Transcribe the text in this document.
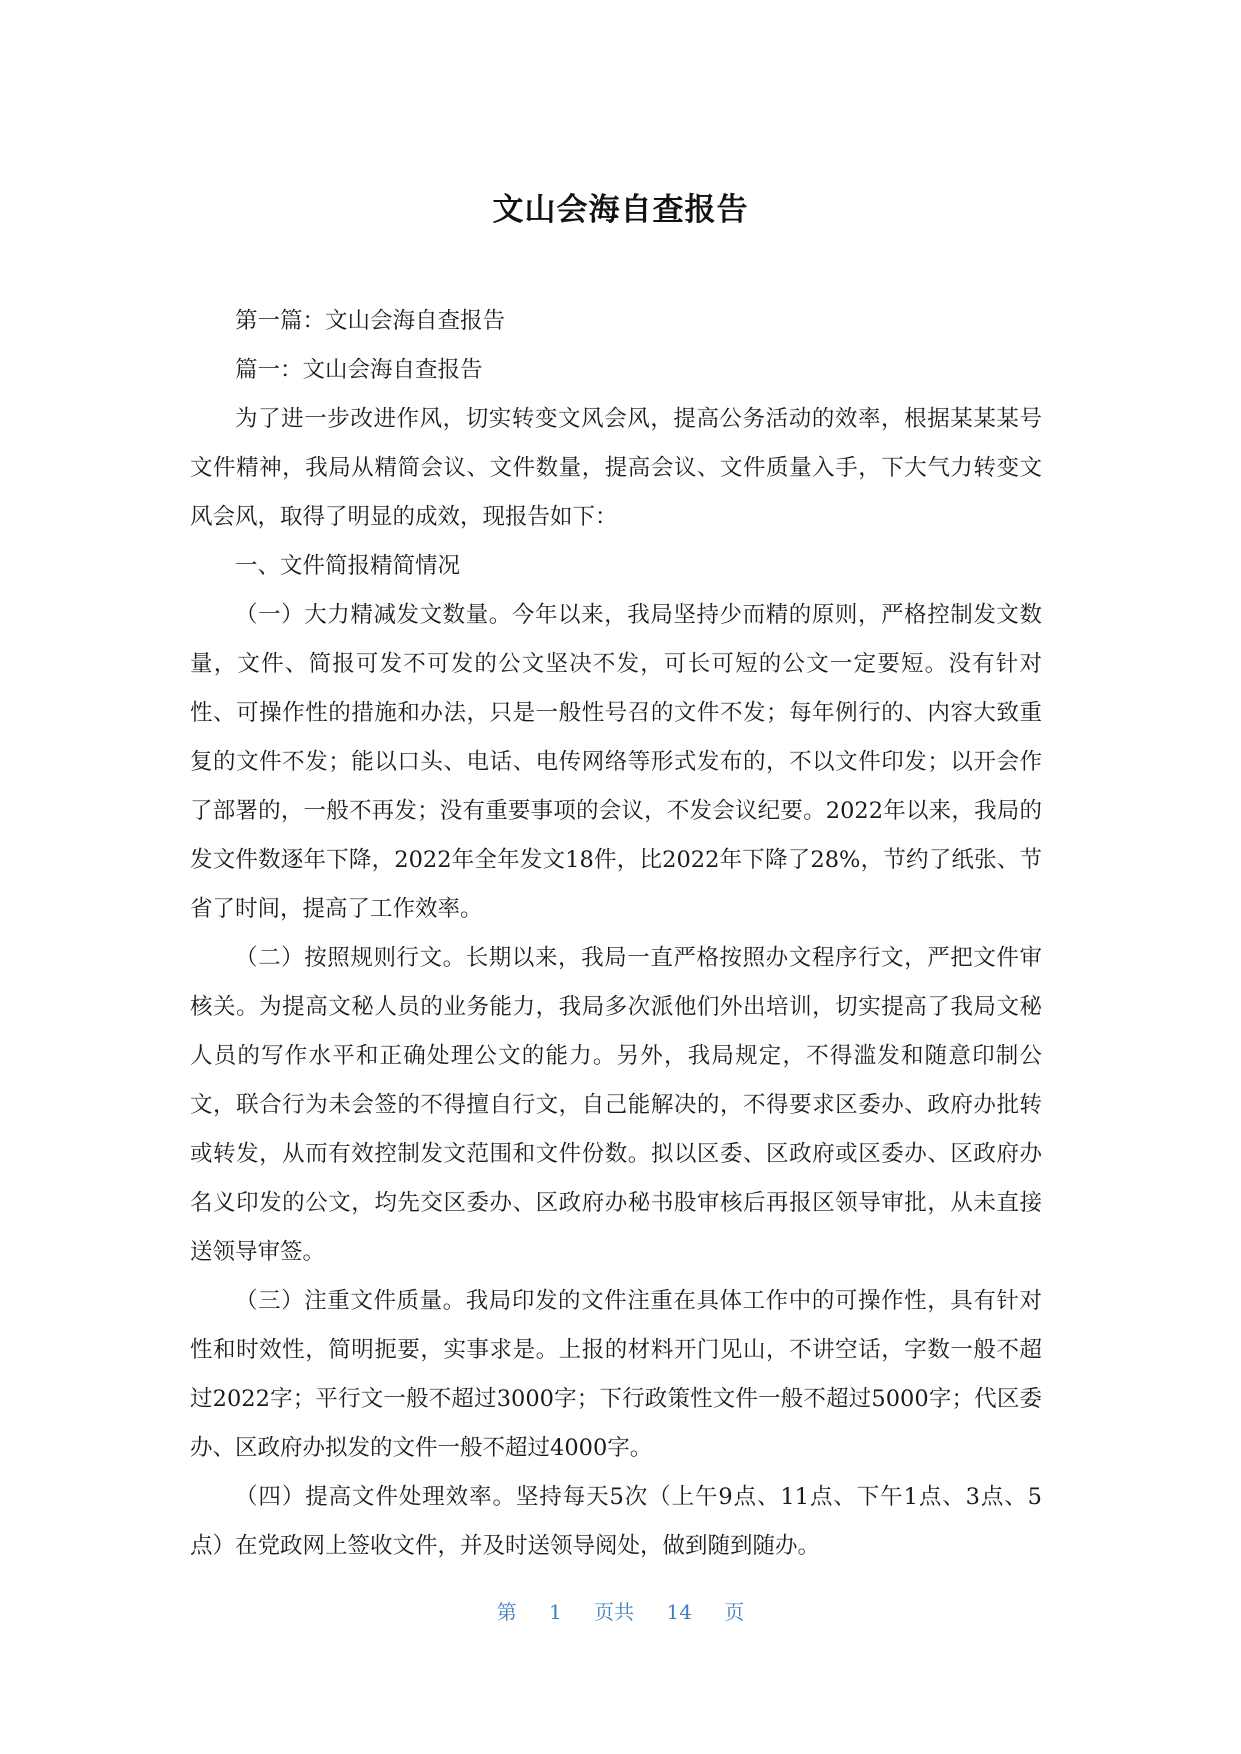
文山会海自查报告

第一篇：文山会海自查报告

篇一：文山会海自查报告

为了进一步改进作风，切实转变文风会风，提高公务活动的效率，根据某某某号文件精神，我局从精简会议、文件数量，提高会议、文件质量入手，下大气力转变文风会风，取得了明显的成效，现报告如下：

一、文件简报精简情况

（一）大力精减发文数量。今年以来，我局坚持少而精的原则，严格控制发文数量，文件、简报可发不可发的公文坚决不发，可长可短的公文一定要短。没有针对性、可操作性的措施和办法，只是一般性号召的文件不发；每年例行的、内容大致重复的文件不发；能以口头、电话、电传网络等形式发布的，不以文件印发；以开会作了部署的，一般不再发；没有重要事项的会议，不发会议纪要。2022年以来，我局的发文件数逐年下降，2022年全年发文18件，比2022年下降了28%，节约了纸张、节省了时间，提高了工作效率。

（二）按照规则行文。长期以来，我局一直严格按照办文程序行文，严把文件审核关。为提高文秘人员的业务能力，我局多次派他们外出培训，切实提高了我局文秘人员的写作水平和正确处理公文的能力。另外，我局规定，不得滥发和随意印制公文，联合行为未会签的不得擅自行文，自己能解决的，不得要求区委办、政府办批转或转发，从而有效控制发文范围和文件份数。拟以区委、区政府或区委办、区政府办名义印发的公文，均先交区委办、区政府办秘书股审核后再报区领导审批，从未直接送领导审签。

（三）注重文件质量。我局印发的文件注重在具体工作中的可操作性，具有针对性和时效性，简明扼要，实事求是。上报的材料开门见山，不讲空话，字数一般不超过2022字；平行文一般不超过3000字；下行政策性文件一般不超过5000字；代区委办、区政府办拟发的文件一般不超过4000字。

（四）提高文件处理效率。坚持每天5次（上午9点、11点、下午1点、3点、5点）在党政网上签收文件，并及时送领导阅处，做到随到随办。

第 1 页共 14 页
